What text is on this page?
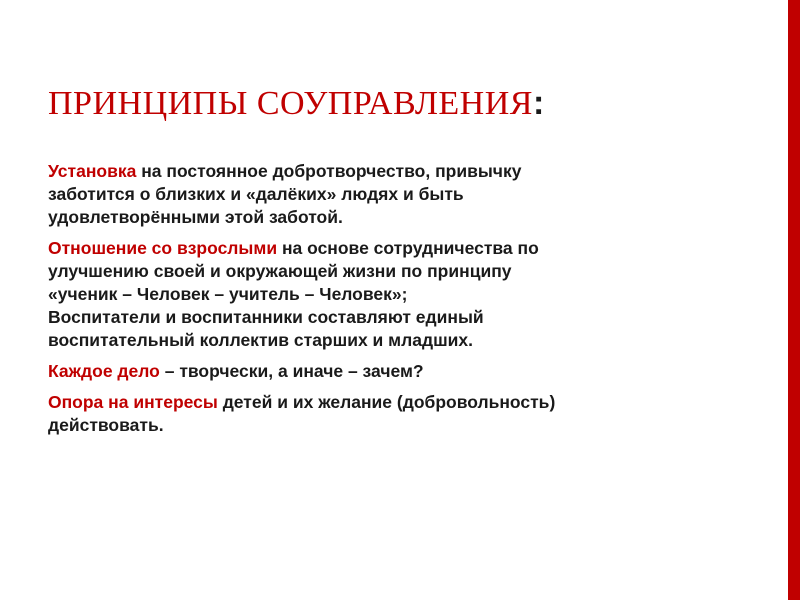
ПРИНЦИПЫ СОУПРАВЛЕНИЯ:

Установка на постоянное добротворчество, привычку
заботится о близких и «далёких» людях и быть
удовлетворёнными этой заботой.

Отношение со взрослыми на основе сотрудничества по
улучшению своей и окружающей жизни по принципу
«ученик – Человек – учитель – Человек»;
Воспитатели и воспитанники составляют единый
воспитательный коллектив старших и младших.

Каждое дело – творчески, а иначе – зачем?

Опора на интересы детей и их желание (добровольность)
действовать.
